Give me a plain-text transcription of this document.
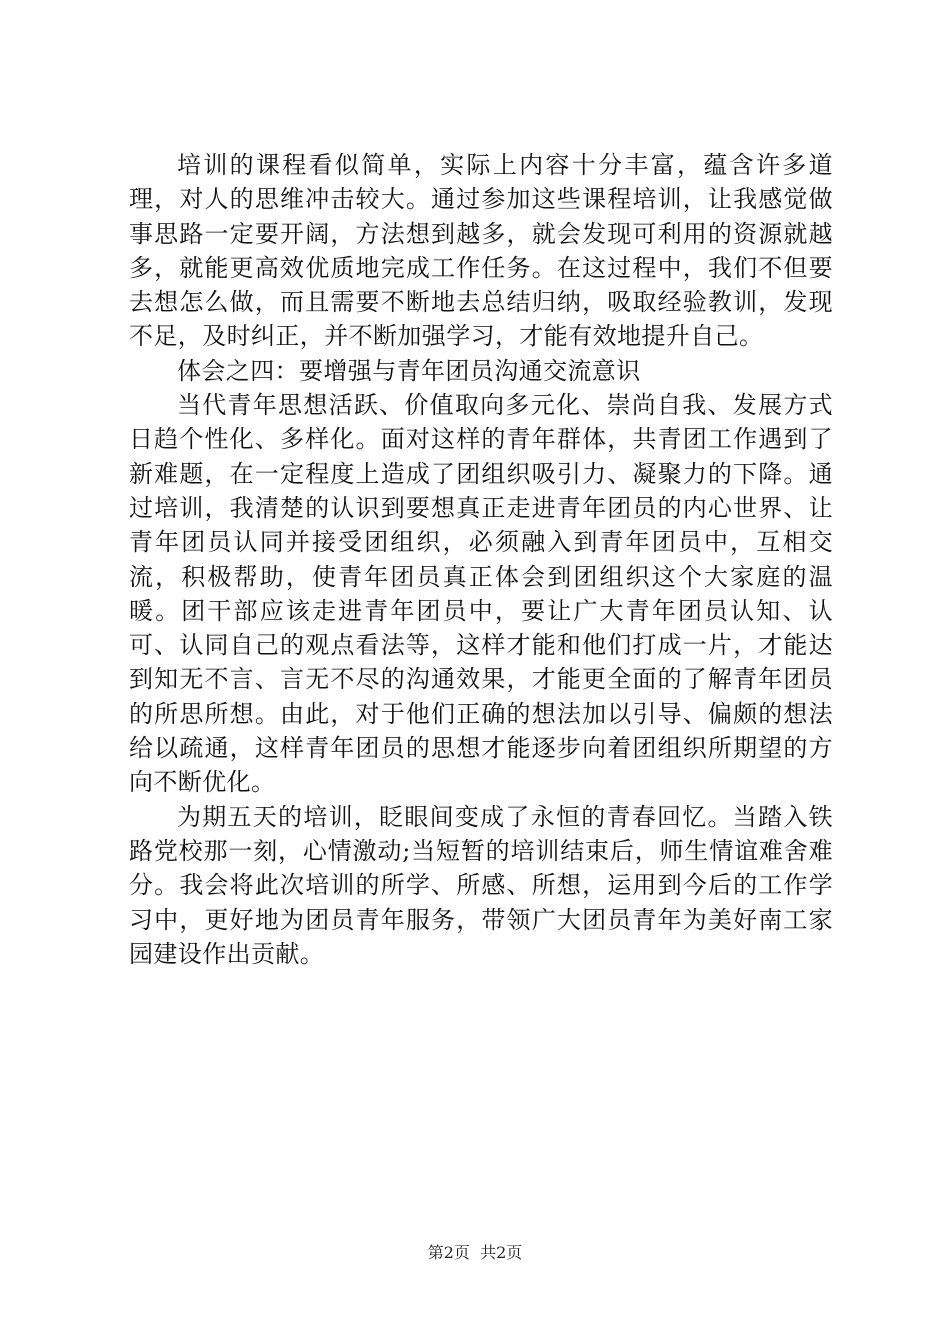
培训的课程看似简单，实际上内容十分丰富，蕴含许多道理，对人的思维冲击较大。通过参加这些课程培训，让我感觉做事思路一定要开阔，方法想到越多，就会发现可利用的资源就越多，就能更高效优质地完成工作任务。在这过程中，我们不但要去想怎么做，而且需要不断地去总结归纳，吸取经验教训，发现不足，及时纠正，并不断加强学习，才能有效地提升自己。

体会之四：要增强与青年团员沟通交流意识

当代青年思想活跃、价值取向多元化、崇尚自我、发展方式日趋个性化、多样化。面对这样的青年群体，共青团工作遇到了新难题，在一定程度上造成了团组织吸引力、凝聚力的下降。通过培训，我清楚的认识到要想真正走进青年团员的内心世界、让青年团员认同并接受团组织，必须融入到青年团员中，互相交流，积极帮助，使青年团员真正体会到团组织这个大家庭的温暖。团干部应该走进青年团员中，要让广大青年团员认知、认可、认同自己的观点看法等，这样才能和他们打成一片，才能达到知无不言、言无不尽的沟通效果，才能更全面的了解青年团员的所思所想。由此，对于他们正确的想法加以引导、偏颇的想法给以疏通，这样青年团员的思想才能逐步向着团组织所期望的方向不断优化。

为期五天的培训，眨眼间变成了永恒的青春回忆。当踏入铁路党校那一刻，心情激动;当短暂的培训结束后，师生情谊难舍难分。我会将此次培训的所学、所感、所想，运用到今后的工作学习中，更好地为团员青年服务，带领广大团员青年为美好南工家园建设作出贡献。

第2页  共2页
